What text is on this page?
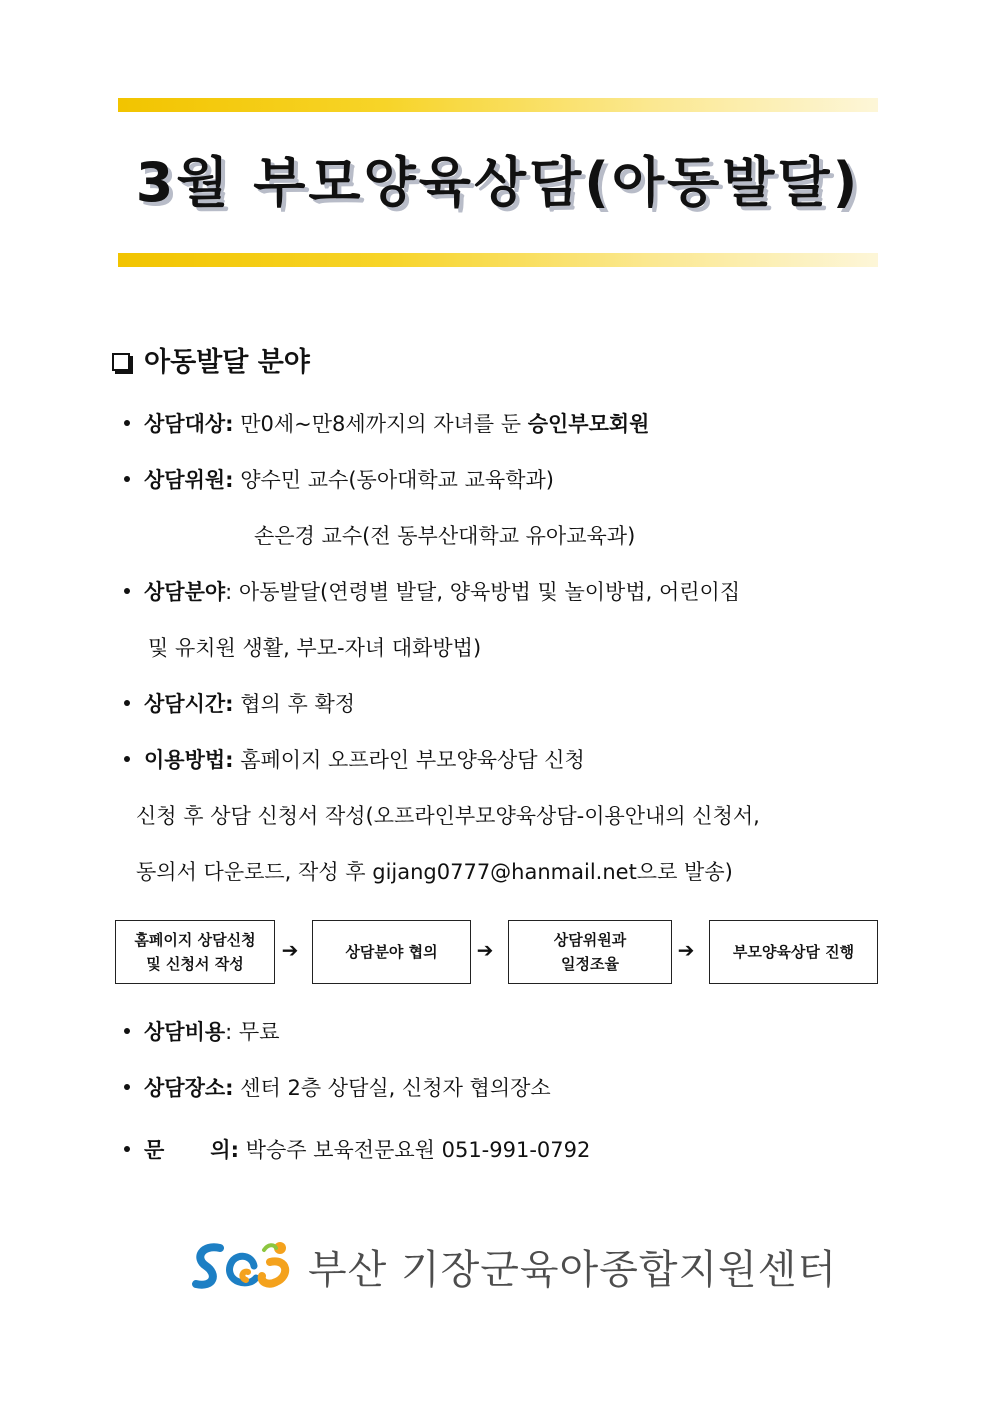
3월 부모양육상담(아동발달)
아동발달 분야
상담대상: 만0세~만8세까지의 자녀를 둔 승인부모회원
상담위원: 양수민 교수(동아대학교 교육학과)
손은경 교수(전 동부산대학교 유아교육과)
상담분야: 아동발달(연령별 발달, 양육방법 및 놀이방법, 어린이집
및 유치원 생활, 부모-자녀 대화방법)
상담시간: 협의 후 확정
이용방법: 홈페이지 오프라인 부모양육상담 신청
신청 후 상담 신청서 작성(오프라인부모양육상담-이용안내의 신청서,
동의서 다운로드, 작성 후 gijang0777@hanmail.net으로 발송)
홈페이지 상담신청
및 신청서 작성
➔	상담분야 협의 ➔	상담위원과
일정조율
➔	부모양육상담 진행
상담비용: 무료
상담장소: 센터 2층 상담실, 신청자 협의장소
문 의: 박승주 보육전문요원 051-991-0792
부산 기장군육아종합지원센터
